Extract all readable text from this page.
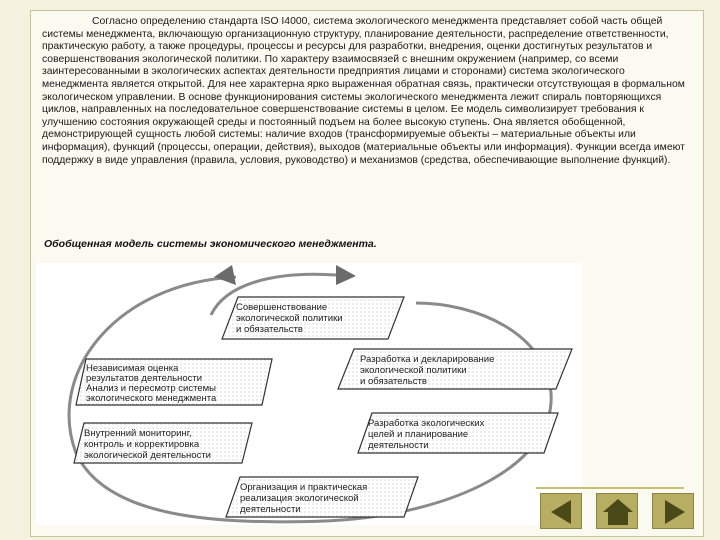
Согласно определению стандарта ISO I4000, система экологического менеджмента представляет собой часть общей системы менеджмента, включающую организационную структуру, планирование деятельности, распределение ответственности, практическую работу, а также процедуры, процессы и ресурсы для разработки, внедрения, оценки достигнутых результатов и совершенствования экологической политики. По характеру взаимосвязей с внешним окружением (например, со всеми заинтересованными в экологических аспектах деятельности предприятия лицами и сторонами) система экологического менеджмента является открытой. Для нее характерна ярко выраженная обратная связь, практически отсутствующая в формальном экологическом управлении. В основе функционирования системы экологического менеджмента лежит спираль повторяющихся циклов, направленных на последовательное совершенствование системы в целом. Ее модель символизирует требования к улучшению состояния окружающей среды и постоянный подъем на более высокую ступень. Она является обобщенной, демонстрирующей сущность любой системы: наличие входов (трансформируемые объекты – материальные объекты или информация), функций (процессы, операции, действия), выходов (материальные объекты или информация). Функции всегда имеют поддержку в виде управления (правила, условия, руководство) и механизмов (средства, обеспечивающие выполнение функций).

Обобщенная модель системы экономического менеджмента.

Совершенствование
экологической политики
и обязательств
Разработка и декларирование
экологической политики
и обязательств
Независимая оценка
результатов деятельности
Анализ и пересмотр системы
экологического менеджмента
Разработка экологических
целей и планирование
деятельности
Внутренний мониторинг,
контроль и корректировка
экологической деятельности
Организация и практическая
реализация экологической
деятельности
